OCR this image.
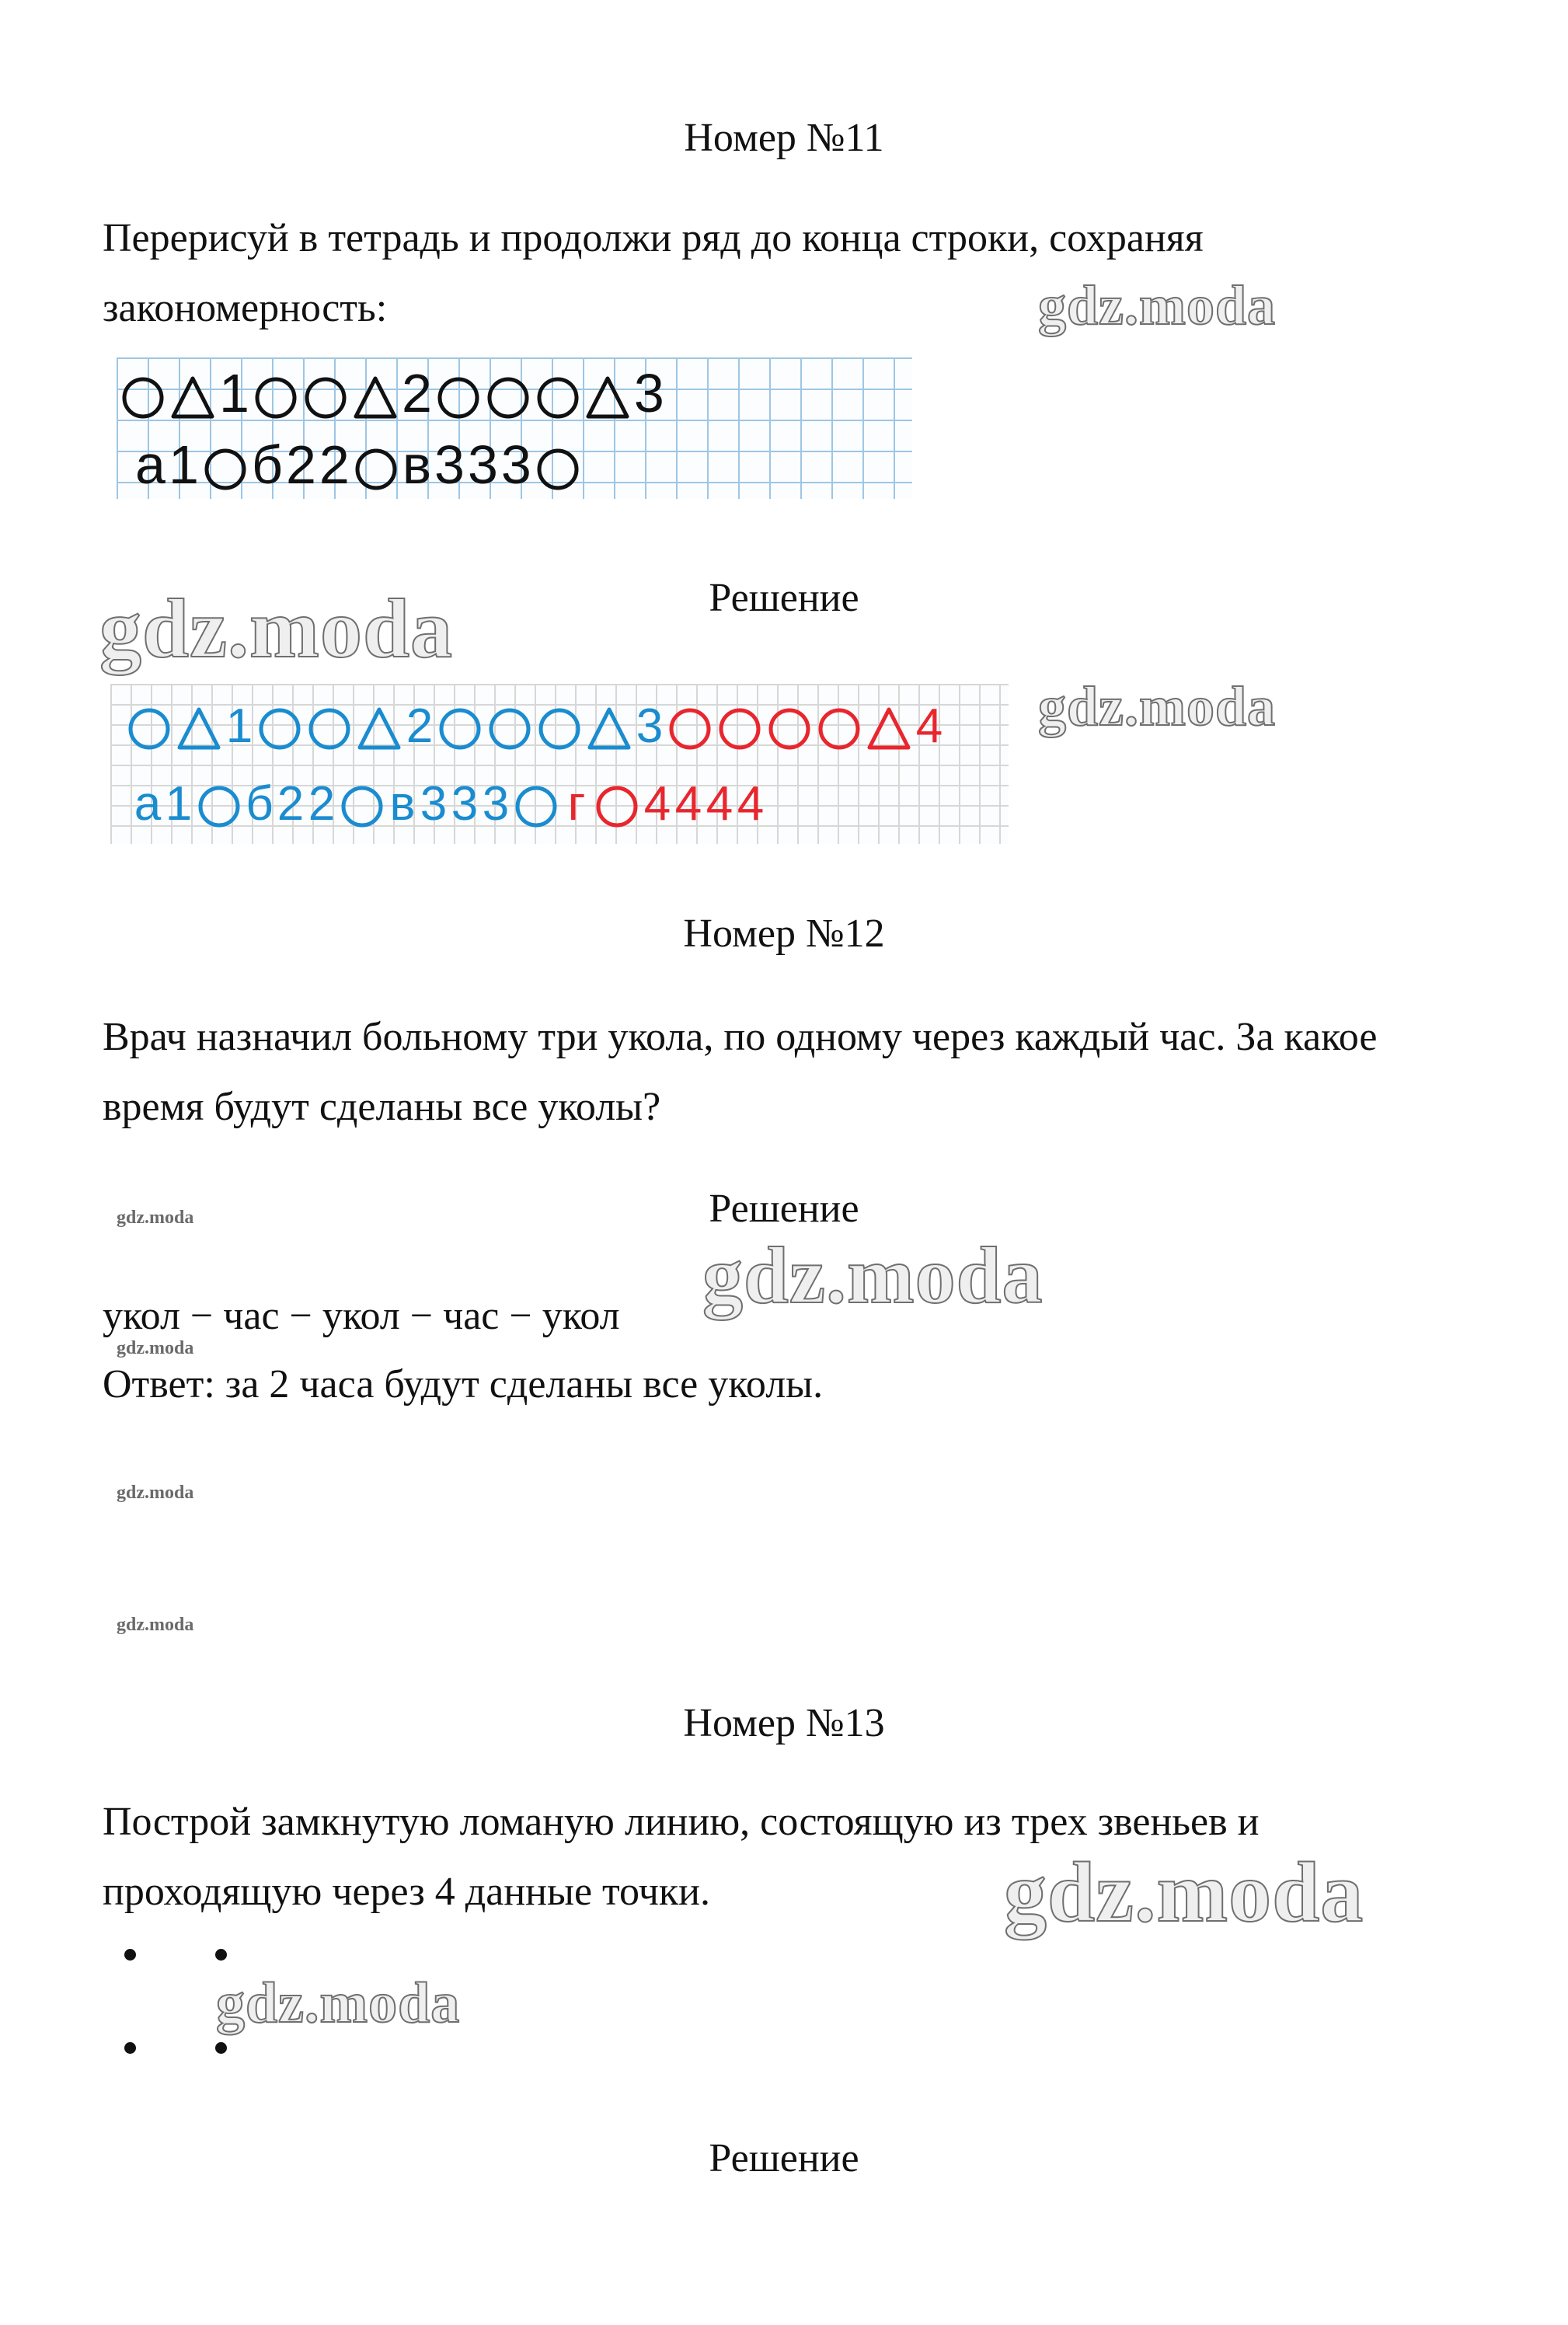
Номер №11
Перерисуй в тетрадь и продолжи ряд до конца строки, сохраняя закономерность:
1	2	3
а 1 б 2 2 в 3 3 3
Решение
1	2	3	4
а 1 б 2 2 в 3 3 3 г 4 4 4 4
Номер №12
Врач назначил больному три укола, по одному через каждый час. За какое время будут сделаны все уколы?
Решение
укол − час − укол − час − укол
Ответ: за 2 часа будут сделаны все уколы.
Номер №13
Построй замкнутую ломаную линию, состоящую из трех звеньев и проходящую через 4 данные точки.
Решение
gdz.moda
gdz.moda
gdz.moda
gdz.moda
gdz.moda
gdz.moda
gdz.moda
gdz.moda
gdz.moda
gdz.moda
